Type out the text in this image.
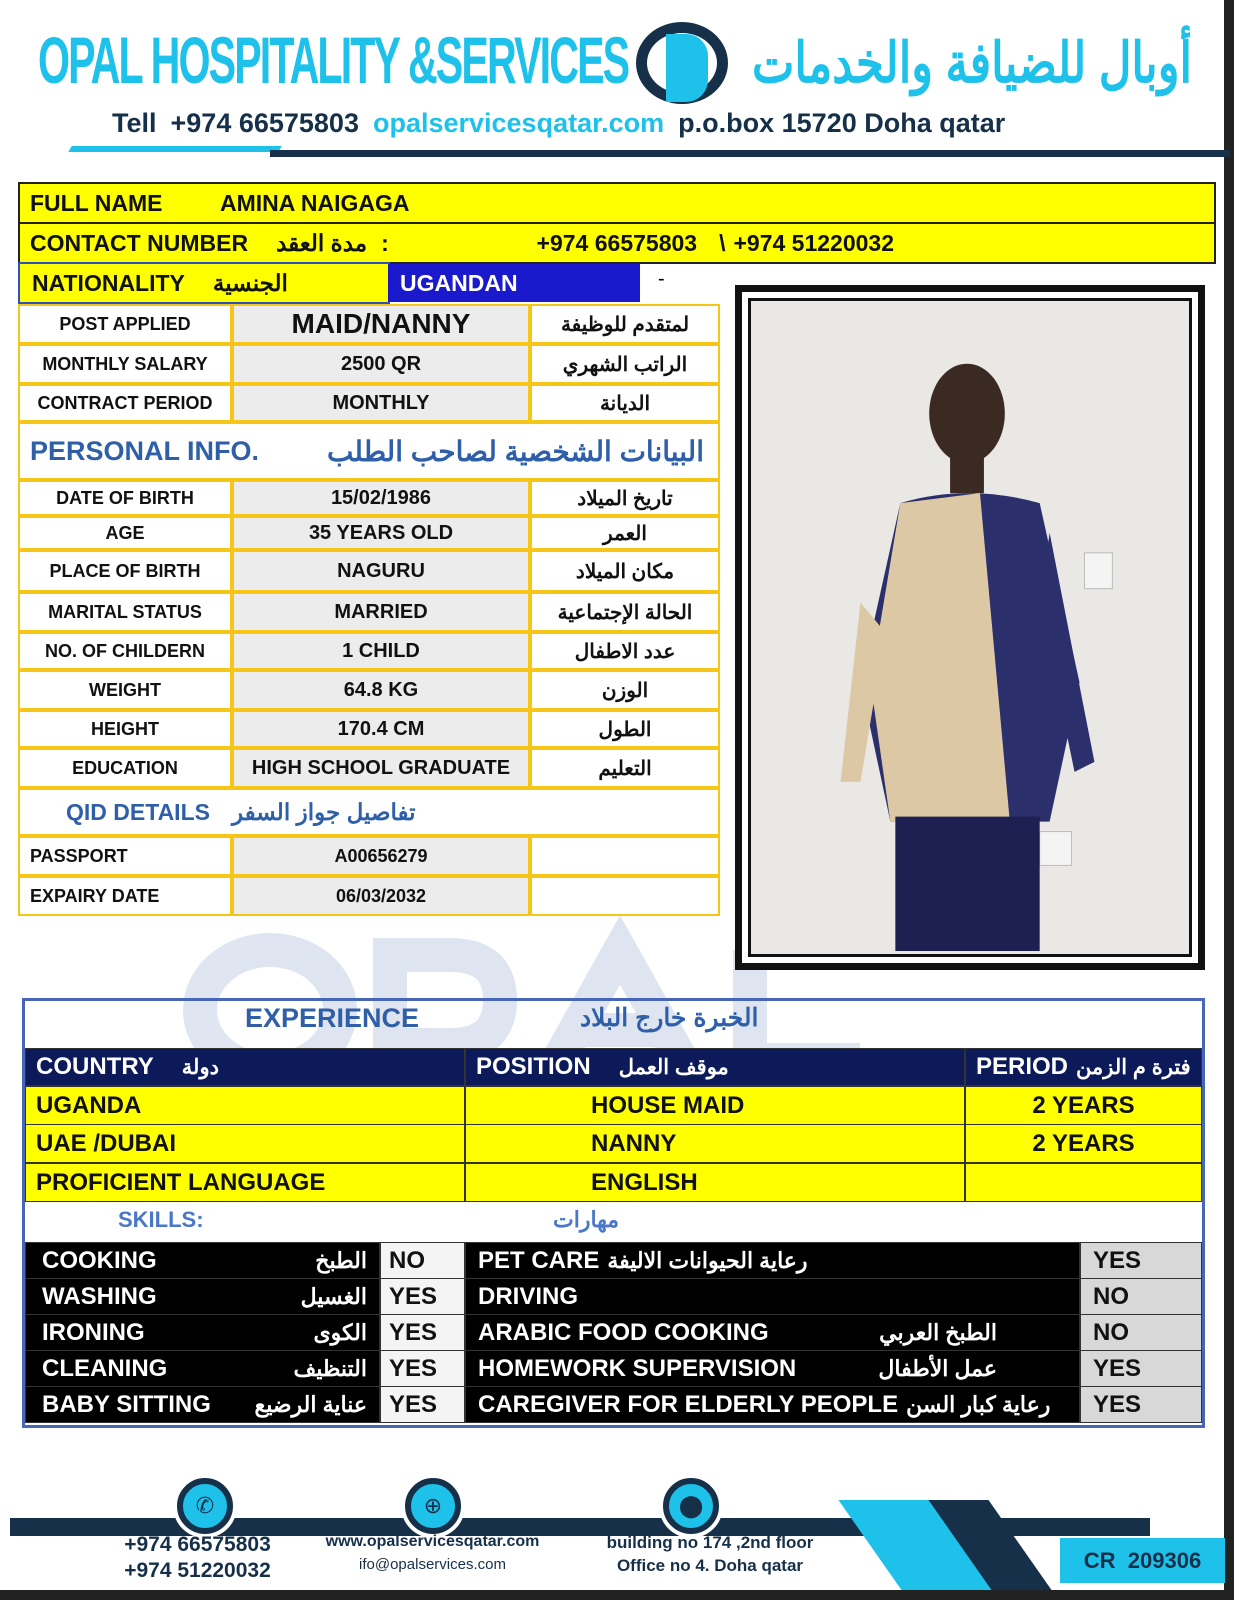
OPAL HOSPITALITY &SERVICES أوبال للضيافة والخدمات
Tell +974 66575803 opalservicesqatar.com p.o.box 15720 Doha qatar
FULL NAME	AMINA NAIGAGA
CONTACT NUMBER مدة العقد :	+974 66575803 \ +974 51220032
NATIONALITY الجنسية	UGANDAN	-
POST APPLIED	MAID/NANNY	لمتقدم للوظيفة
MONTHLY SALARY	2500 QR	الراتب الشهري
CONTRACT PERIOD	MONTHLY	الديانة
PERSONAL INFO. البيانات الشخصية لصاحب الطلب
DATE OF BIRTH	15/02/1986	تاريخ الميلاد
AGE	35 YEARS OLD	العمر
PLACE OF BIRTH	NAGURU	مكان الميلاد
MARITAL STATUS	MARRIED	الحالة الإجتماعية
NO. OF CHILDERN	1 CHILD	عدد الاطفال
WEIGHT	64.8 KG	الوزن
HEIGHT	170.4 CM	الطول
EDUCATION	HIGH SCHOOL GRADUATE	التعليم
QID DETAILS تفاصيل جواز السفر
PASSPORT	A00656279
EXPAIRY DATE	06/03/2032
EXPERIENCE	الخبرة خارج البلاد
COUNTRY دولة	POSITION موقف العمل	PERIOD فترة م الزمن
UGANDA	HOUSE MAID	2 YEARS
UAE /DUBAI	NANNY	2 YEARS
PROFICIENT LANGUAGE	ENGLISH
SKILLS:	مهارات
COOKING	الطبخ NO	PET CARE رعاية الحيوانات الاليفة	YES
WASHING	الغسيل YES	DRIVING	NO
IRONING	الكوى YES	ARABIC FOOD COOKING	الطبخ العربي	NO
CLEANING	التنظيف YES	HOMEWORK SUPERVISION	عمل الأطفال	YES
BABY SITTING	عناية الرضيع YES	CAREGIVER FOR ELDERLY PEOPLE رعاية كبار السن	YES
CR  209306
✆	⊕	⬤
+974 66575803
+974 51220032
www.opalservicesqatar.com
ifo@opalservices.com
building no 174 ,2nd floor
Office no 4. Doha qatar
